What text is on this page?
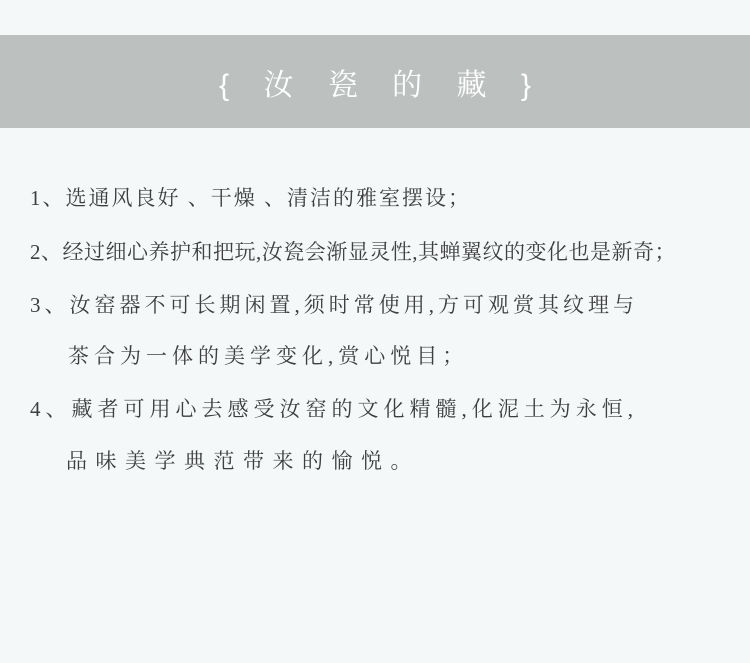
{ 汝 瓷 的 藏 }
1、选通风良好 、干燥 、清洁的雅室摆设；
2、经过细心养护和把玩,汝瓷会渐显灵性,其蝉翼纹的变化也是新奇；
3、汝窑器不可长期闲置,须时常使用,方可观赏其纹理与
茶合为一体的美学变化,赏心悦目；
4、藏者可用心去感受汝窑的文化精髓,化泥土为永恒,
品味美学典范带来的愉悦。
